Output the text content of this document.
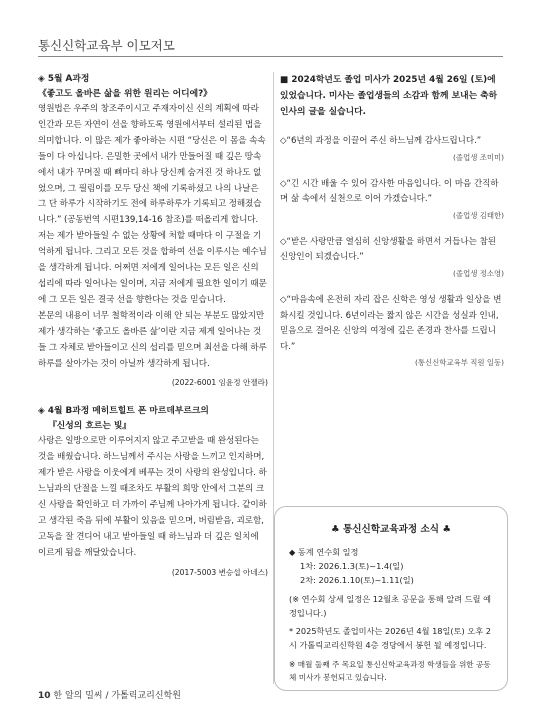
통신신학교육부 이모저모
◈ 5월 A과정
《좋고도 올바른 삶을 위한 원리는 어디에?》

영원법은 우주의 창조주이시고 주재자이신 신의 계획에 따라 인간과 모든 자연이 선을 향하도록 영원에서부터 설리된 법을 의미합니다. 이 많은 제가 좋아하는 시편 “당신은 이 몸을 속속들이 다 아십니다. 은밀한 곳에서 내가 만들어질 때 깊은 땅속에서 내가 꾸며질 때 뼈마디 하나 당신께 숨겨진 것 하나도 없었으며, 그 필림이를 모두 당신 책에 기록하셨고 나의 나날은 그 단 하루가 시작하기도 전에 하루하루가 기록되고 정해졌습니다.” (공동번역 시편139,14-16 참조)를 떠올리게 합니다. 저는 제가 받아들일 수 없는 상황에 처할 때마다 이 구절을 기억하게 됩니다. 그리고 모든 것을 합하여 선을 이루시는 예수님을 생각하게 됩니다. 어쩌면 저에게 일어나는 모든 일은 신의 섭리에 따라 일어나는 일이며, 지금 저에게 필요한 일이기 때문에 그 모든 일은 결국 선을 향한다는 것을 믿습니다.

본문의 내용이 너무 철학적이라 이해 안 되는 부분도 많았지만 제가 생각하는 ‘좋고도 올바른 삶’이란 지금 제게 일어나는 것들 그 자체로 받아들이고 신의 섭리를 믿으며 최선을 다해 하루하루를 살아가는 것이 아닐까 생각하게 됩니다.

(2022-6001 임윤정 안젤라)
◈ 4월 B과정 메히트힐트 폰 마르데부르크의
『신성의 흐르는 빛』

사랑은 일방으로만 이루어지지 않고 주고받을 때 완성된다는 것을 배웠습니다. 하느님께서 주시는 사랑을 느끼고 인지하며, 제가 받은 사랑을 이웃에게 베푸는 것이 사랑의 완성입니다. 하느님과의 단절을 느낄 때조차도 부활의 희망 안에서 그분의 크신 사랑을 확인하고 더 가까이 주님께 나아가게 됩니다. 같이하고 생각된 죽음 뒤에 부활이 있음을 믿으며, 버림받음, 괴로함, 고독을 잘 견디어 내고 받아들일 때 하느님과 더 깊은 일치에 이르게 됨을 깨달았습니다.

(2017-5003 변승섭 아네스)
■ 2024학년도 졸업 미사가 2025년 4월 26일 (토)에 있었습니다. 미사는 졸업생들의 소감과 함께 보내는 축하 인사의 글을 실습니다.
◇“6년의 과정을 이끌어 주신 하느님께 감사드립니다.”
(졸업생 조미미)
◇“긴 시간 배울 수 있어 감사한 마음입니다. 이 마음 간직하며 삶 속에서 실천으로 이어 가겠습니다.”
(졸업생 김태한)
◇“받은 사랑만큼 열심히 신앙생활을 하면서 거듭나는 참된 신앙인이 되겠습니다.”
(졸업생 정소영)
◇“마음속에 온전히 자리 잡은 신학은 영성 생활과 일상을 변화시킬 것입니다. 6년이라는 짧지 않은 시간을 성실과 인내, 믿음으로 걸어온 신앙의 여정에 깊은 존경과 찬사를 드립니다.”
(통신신학교육부 직원 일동)
♣ 통신신학교육과정 소식 ♣
◆ 동계 연수회 일정
1차: 2026.1.3(토)~1.4(일)
2차: 2026.1.10(토)~1.11(일)
(※ 연수회 상세 일정은 12월초 공문을 통해 알려 드릴 예정입니다.)
* 2025학년도 졸업미사는 2026년 4월 18일(토) 오후 2시 가톨릭교리신학원 4층 경당에서 봉헌 될 예정입니다.
※ 매월 둘째 주 목요일 통신신학교육과정 학생들을 위한 공동체 미사가 봉헌되고 있습니다.
10 한 알의 밀씨 / 가톨릭교리신학원
